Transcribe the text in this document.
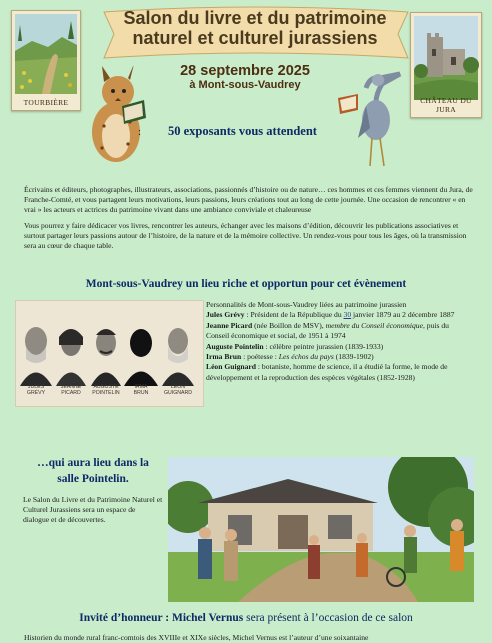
TOURBIÈRE	CHÂTEAU DU JURA
Salon du livre et du patrimoine
naturel et culturel jurassiens
28 septembre 2025
à Mont-sous-Vaudrey
: 50 exposants vous attendent

Écrivains et éditeurs, photographes, illustrateurs, associations, passionnés d’histoire ou de nature… ces hommes et ces femmes viennent du Jura, de Franche-Comté, et vous partagent leurs motivations, leurs passions, leurs créations tout au long de cette journée. Une occasion de rencontrer « en vrai » les acteurs et actrices du patrimoine vivant dans une ambiance conviviale et chaleureuse

Vous pourrez y faire dédicacer vos livres, rencontrer les auteurs, échanger avec les maisons d’édition, découvrir les publications associatives et surtout partager leurs passions autour de l’histoire, de la nature et de la mémoire collective. Un rendez-vous pour tous les âges, où la transmission sera au cœur de chaque table.

Mont-sous-Vaudrey un lieu riche et opportun pour cet évènement
JULES
GRÉVY
JEANNE
PICARD
AUGUSTE
POINTELIN
IRMA
BRUN
LÉON
GUIGNARD
Personnalités de Mont-sous-Vaudrey liées au patrimoine jurassien
Jules Grévy : Président de la République du 30 janvier 1879 au 2 décembre 1887
Jeanne Picard (née Boillon de MSV), membre du Conseil économique, puis du Conseil économique et social, de 1951 à 1974
Auguste Pointelin : célèbre peintre jurassien (1839-1933)
Irma Brun : poétesse : Les échos du pays (1839-1902)
Léon Guignard : botaniste, homme de science, il a étudié la forme, le mode de développement et la reproduction des espèces végétales (1852-1928)
…qui aura lieu dans la
salle Pointelin.

Le Salon du Livre et du Patrimoine Naturel et Culturel Jurassiens sera un espace de dialogue et de découvertes.

Invité d’honneur : Michel Vernus sera présent à l’occasion de ce salon

Historien du monde rural franc-comtois des XVIIIe et XIXe siècles, Michel Vernus est l’auteur d’une soixantaine
